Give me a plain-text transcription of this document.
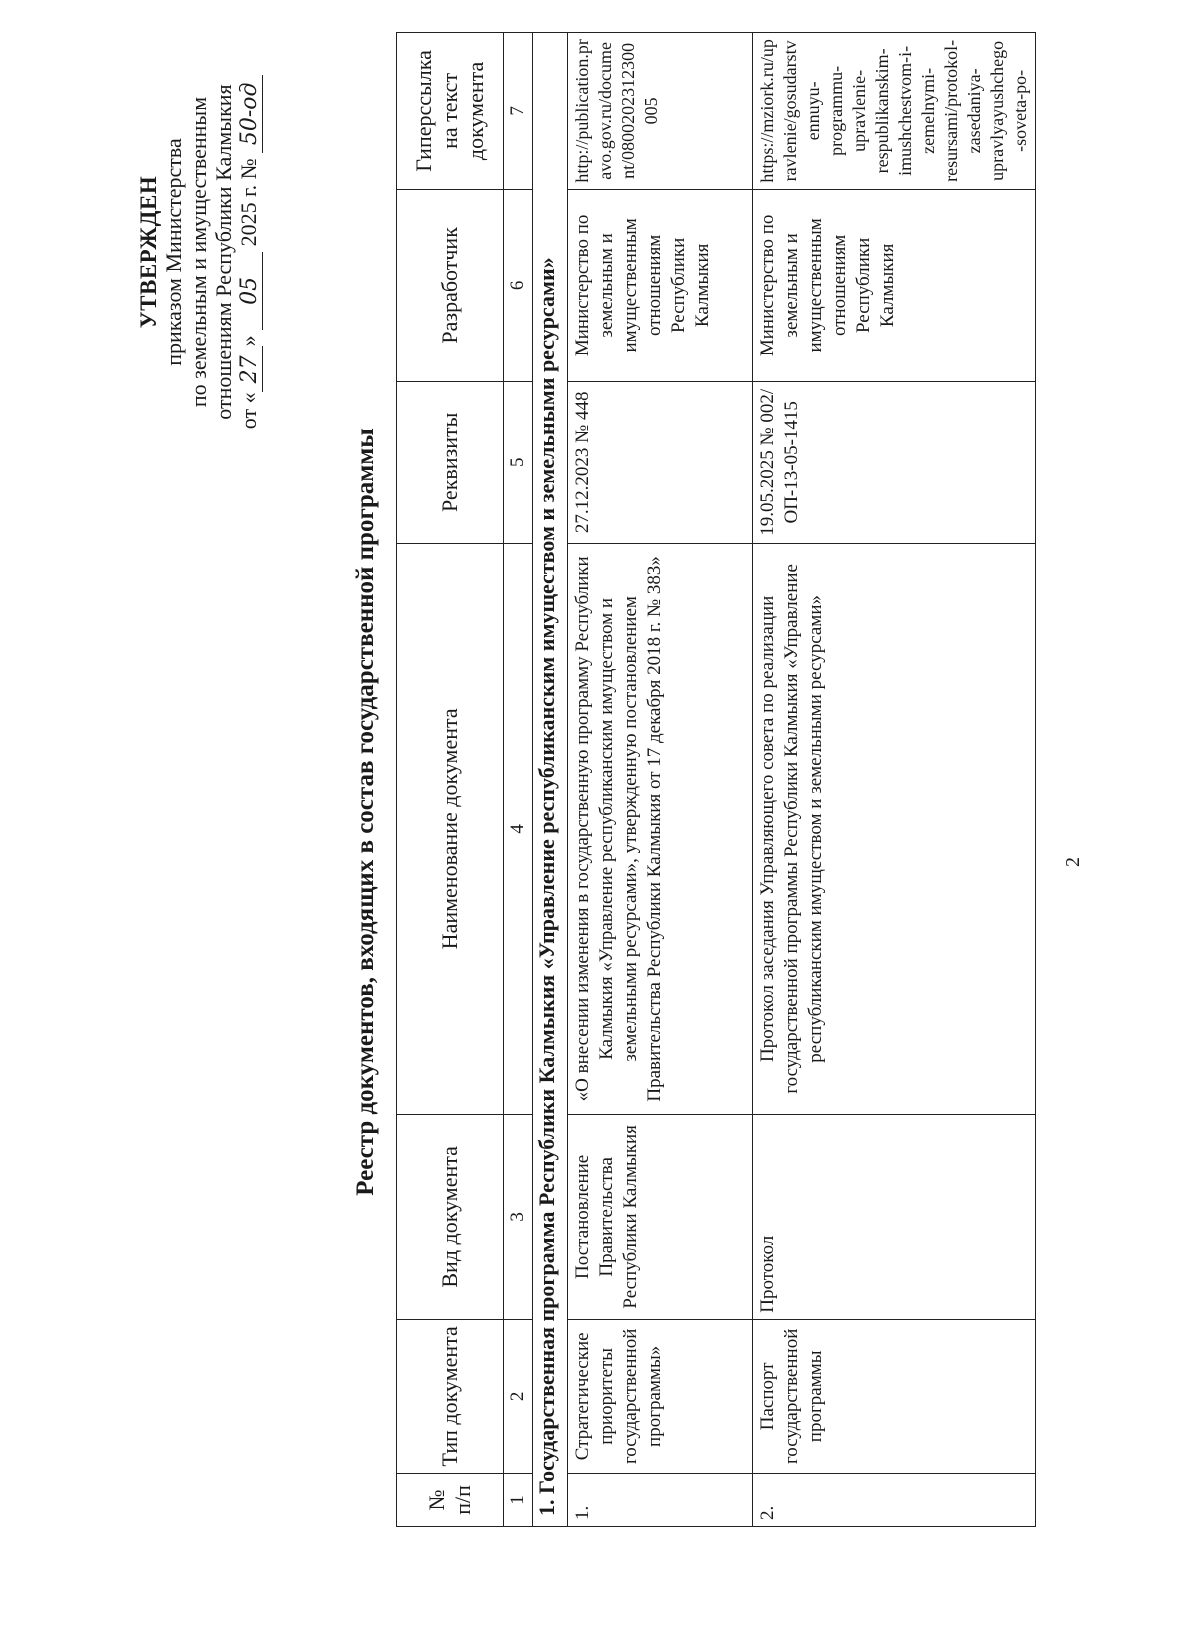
УТВЕРЖДЕН приказом Министерства по земельным и имущественным отношениям Республики Калмыкия от «27» 05 2025 г. № 50-од
Реестр документов, входящих в состав государственной программы
№ п/п	Тип документа	Вид документа	Наименование документа	Реквизиты	Разработчик	Гиперссылка на текст документа
1	2	3	4	5	6	7
1. Государственная программа Республики Калмыкия «Управление республиканским имуществом и земельными ресурсами»						
1.	Стратегические приоритеты государственной программы»	Постановление Правительства Республики Калмыкия	«О внесении изменения в государственную программу Республики Калмыкия «Управление республиканским имуществом и земельными ресурсами», утвержденную постановлением Правительства Республики Калмыкия от 17 декабря 2018 г. № 383»	27.12.2023 № 448	Министерство по земельным и имущественным отношениям Республики Калмыкия	http://publication.pravo.gov.ru/document/0800202312300005
2.	Паспорт государственной программы	Протокол	Протокол заседания Управляющего совета по реализации государственной программы Республики Калмыкия «Управление республиканским имуществом и земельными ресурсами»	19.05.2025 № 002/ОП-13-05-1415	Министерство по земельным и имущественным отношениям Республики Калмыкия	https://mziork.ru/upravlenie/gosudarstvennuyu-programmu-upravlenie-respublikanskim-imushchestvom-i-zemelnymi-resursami/protokol-zasedaniya-upravlyayushchego-soveta-po-
2
